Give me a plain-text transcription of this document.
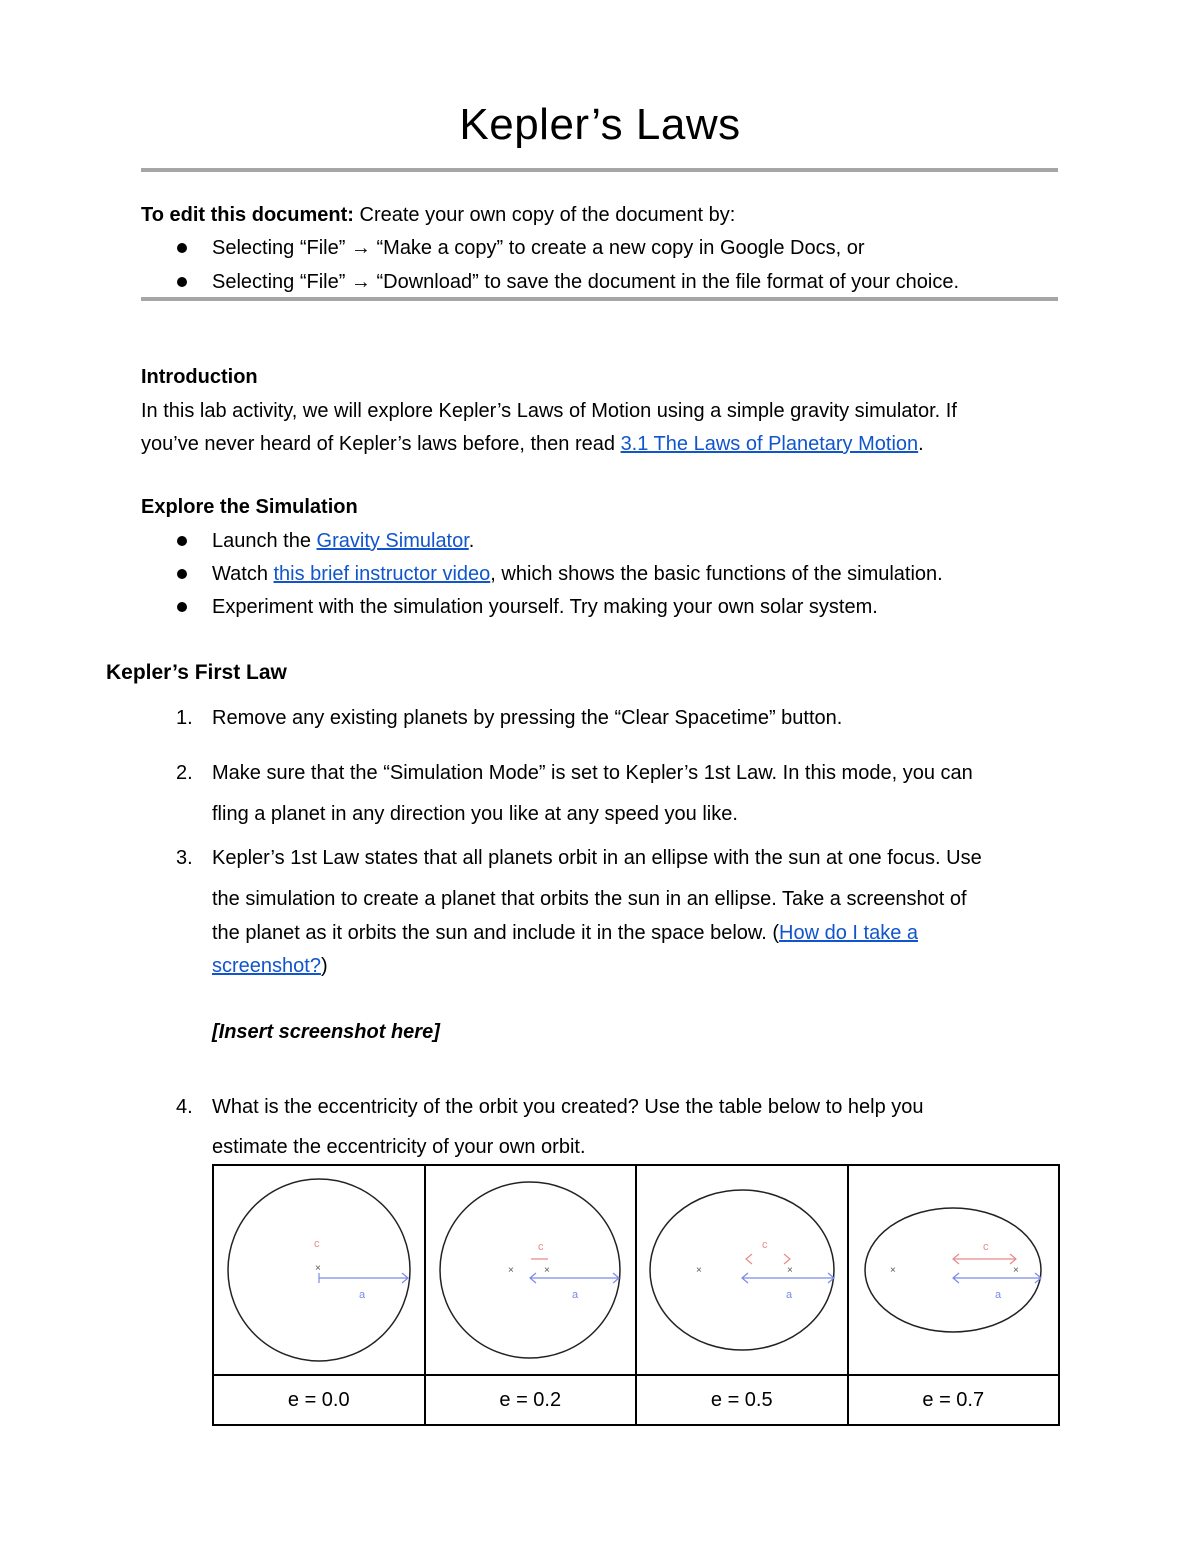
Kepler’s Laws
To edit this document: Create your own copy of the document by:
Selecting “File” → “Make a copy” to create a new copy in Google Docs, or
Selecting “File” → “Download” to save the document in the file format of your choice.
Introduction
In this lab activity, we will explore Kepler’s Laws of Motion using a simple gravity simulator. If
you’ve never heard of Kepler’s laws before, then read 3.1 The Laws of Planetary Motion.
Explore the Simulation
Launch the Gravity Simulator.
Watch this brief instructor video, which shows the basic functions of the simulation.
Experiment with the simulation yourself. Try making your own solar system.
Kepler’s First Law
1. Remove any existing planets by pressing the “Clear Spacetime” button.
2. Make sure that the “Simulation Mode” is set to Kepler’s 1st Law. In this mode, you can
fling a planet in any direction you like at any speed you like.
3. Kepler’s 1st Law states that all planets orbit in an ellipse with the sun at one focus. Use
the simulation to create a planet that orbits the sun in an ellipse. Take a screenshot of
the planet as it orbits the sun and include it in the space below. (How do I take a
screenshot?)
[Insert screenshot here]
4. What is the eccentricity of the orbit you created? Use the table below to help you
estimate the eccentricity of your own orbit.
×
c
a	× ×
c
a	× ×
c
a	× ×
c
a

e = 0.0	e = 0.2	e = 0.5	e = 0.7
